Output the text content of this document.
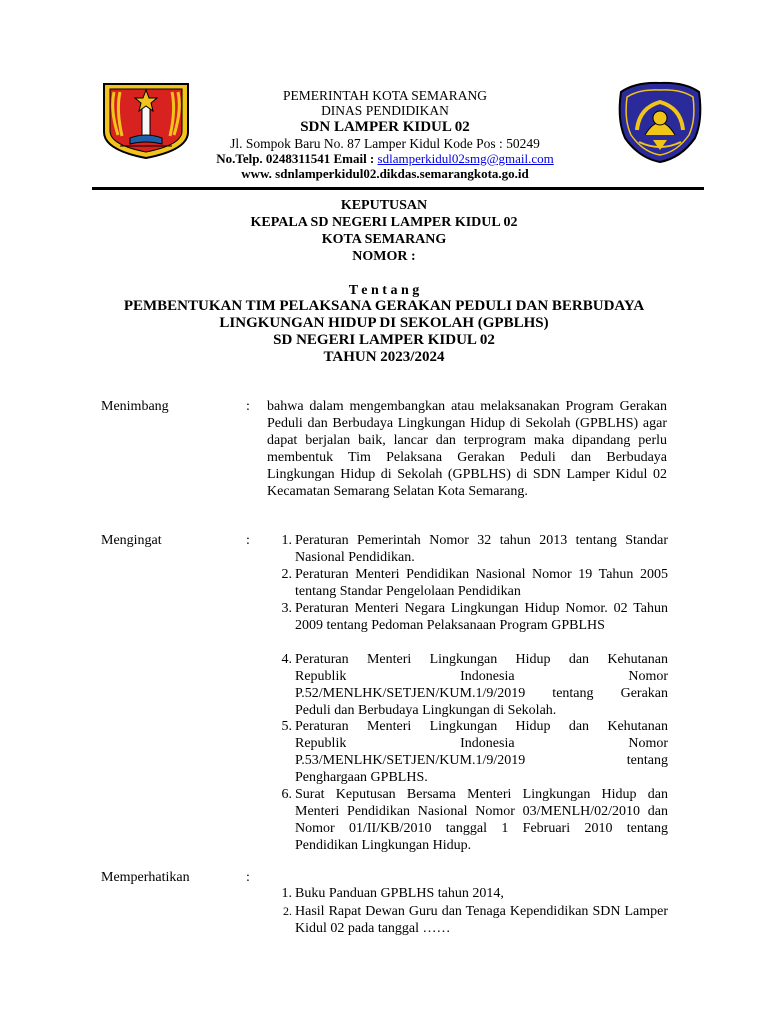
PEMERINTAH KOTA SEMARANG
DINAS PENDIDIKAN
SDN LAMPER KIDUL 02
Jl. Sompok Baru No. 87 Lamper Kidul Kode Pos : 50249
No.Telp. 0248311541 Email : sdlamperkidul02smg@gmail.com
www. sdnlamperkidul02.dikdas.semarangkota.go.id
KEPUTUSAN
KEPALA SD NEGERI LAMPER KIDUL 02
KOTA SEMARANG
NOMOR :
T e n t a n g
PEMBENTUKAN TIM PELAKSANA GERAKAN PEDULI DAN BERBUDAYA
LINGKUNGAN HIDUP DI SEKOLAH (GPBLHS)
SD NEGERI LAMPER KIDUL 02
TAHUN 2023/2024
Menimbang	: bahwa dalam mengembangkan atau melaksanakan Program Gerakan Peduli dan Berbudaya Lingkungan Hidup di Sekolah (GPBLHS) agar dapat berjalan baik, lancar dan terprogram maka dipandang perlu membentuk Tim Pelaksana Gerakan Peduli dan Berbudaya Lingkungan Hidup di Sekolah (GPBLHS) di SDN Lamper Kidul 02 Kecamatan Semarang Selatan Kota Semarang.
Mengingat	:	1. Peraturan Pemerintah Nomor 32 tahun 2013 tentang Standar Nasional Pendidikan.
2. Peraturan Menteri Pendidikan Nasional Nomor 19 Tahun 2005 tentang Standar Pengelolaan Pendidikan
3. Peraturan Menteri Negara Lingkungan Hidup Nomor. 02 Tahun 2009 tentang Pedoman Pelaksanaan Program GPBLHS
4. Peraturan Menteri Lingkungan Hidup dan Kehutanan
Republik Indonesia Nomor
P.52/MENLHK/SETJEN/KUM.1/9/2019 tentang Gerakan
Peduli dan Berbudaya Lingkungan di Sekolah.
5. Peraturan Menteri Lingkungan Hidup dan Kehutanan
Republik Indonesia Nomor
P.53/MENLHK/SETJEN/KUM.1/9/2019 tentang
Penghargaan GPBLHS.
6. Surat Keputusan Bersama Menteri Lingkungan Hidup dan Menteri Pendidikan Nasional Nomor 03/MENLH/02/2010 dan Nomor 01/II/KB/2010 tanggal 1 Februari 2010 tentang Pendidikan Lingkungan Hidup.
Memperhatikan	:
1. Buku Panduan GPBLHS tahun 2014,
2. Hasil Rapat Dewan Guru dan Tenaga Kependidikan SDN Lamper Kidul 02 pada tanggal ……
